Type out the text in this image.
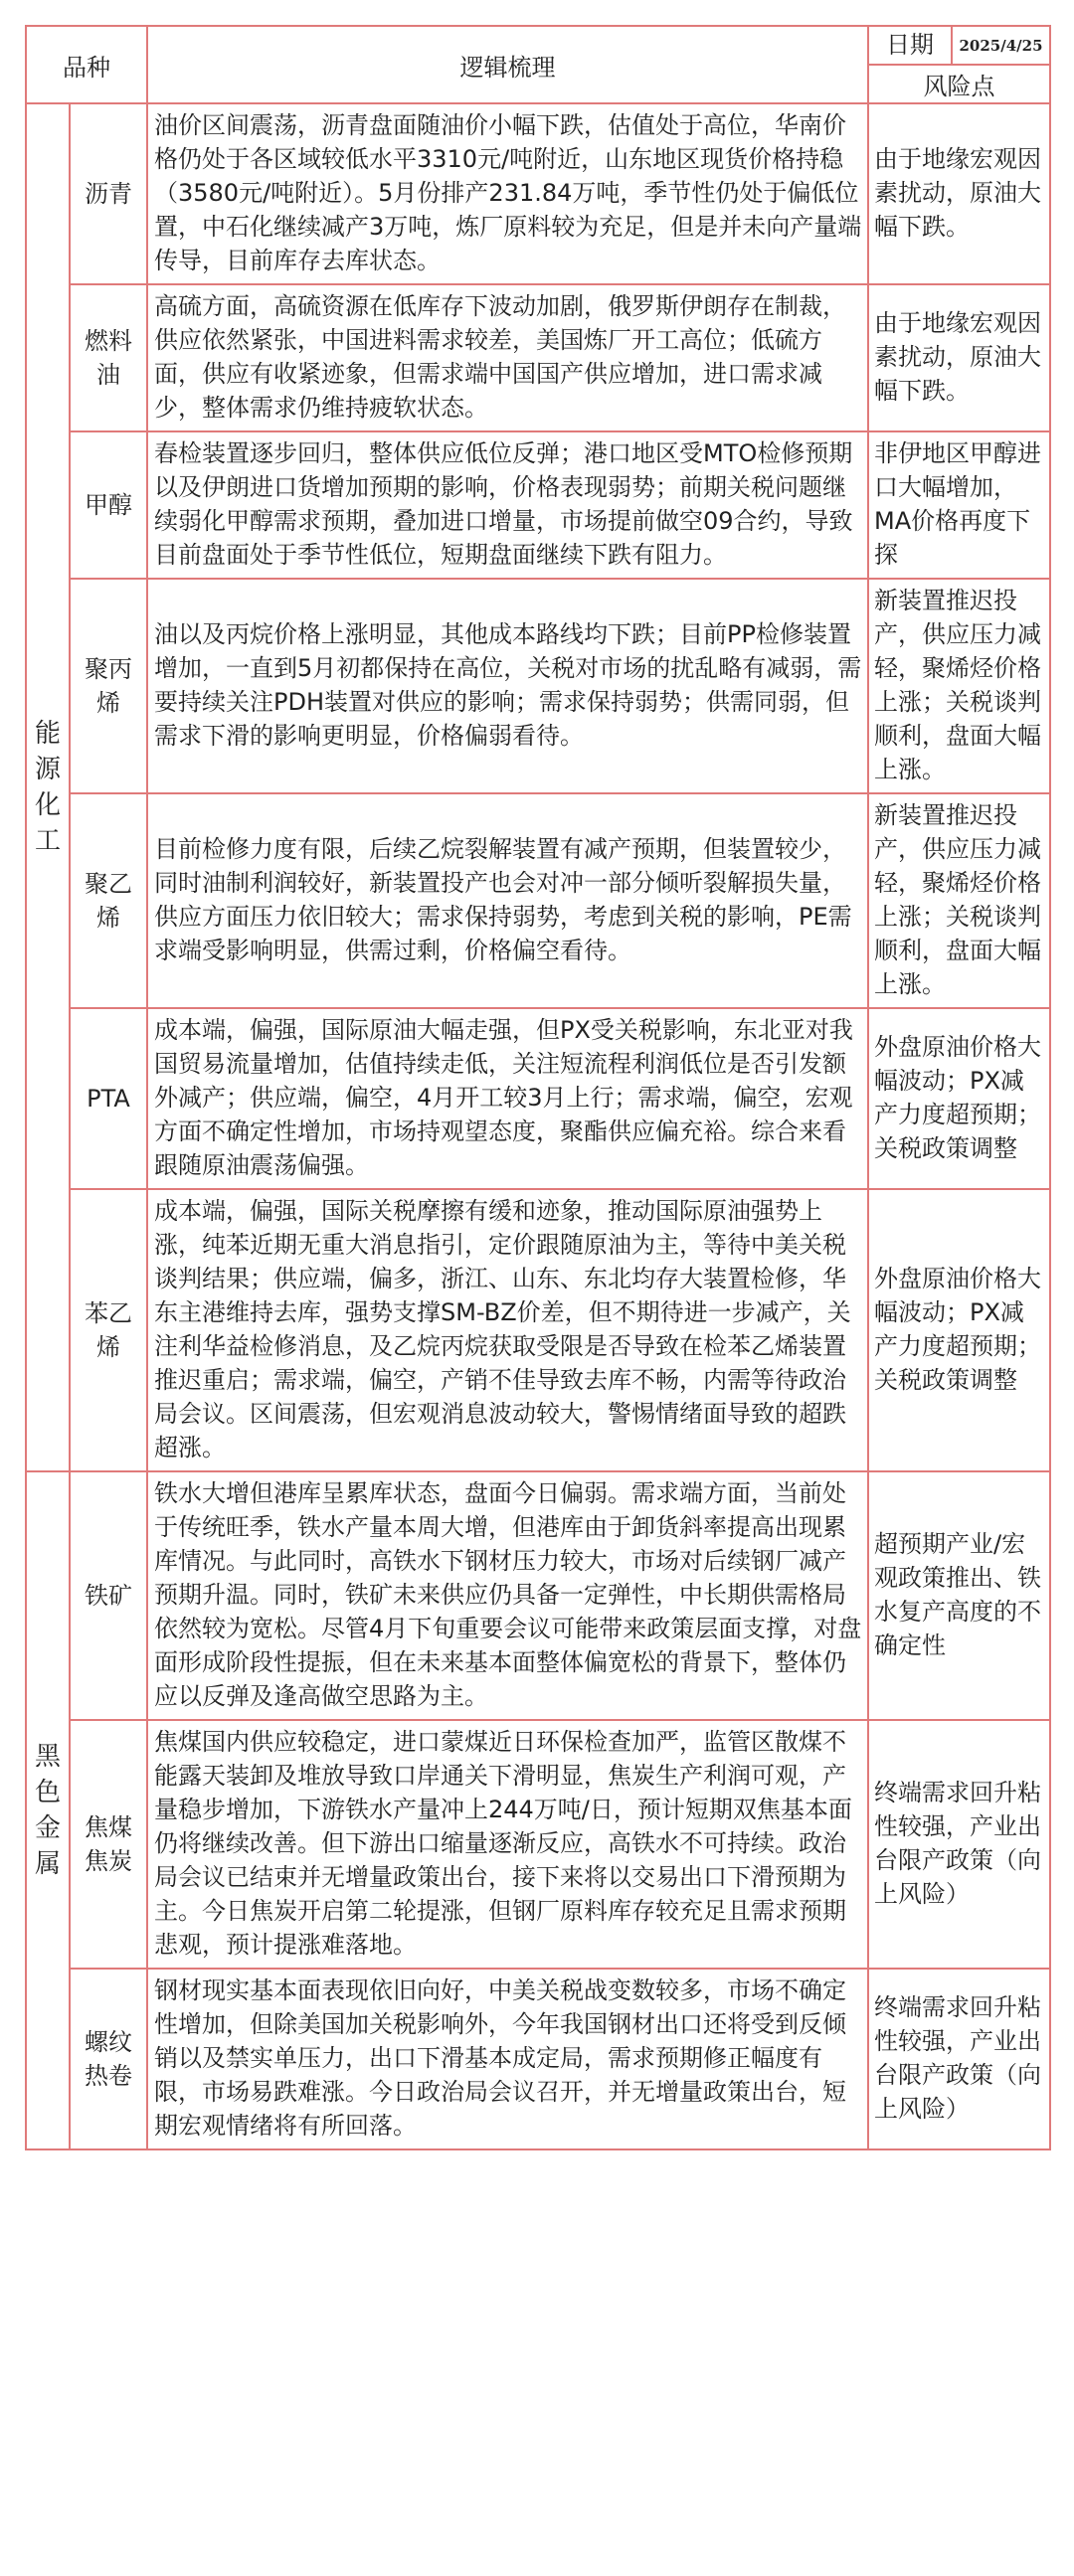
品种		逻辑梳理	日期 2025/4/25

			风险点
能源化工	沥青	油价区间震荡，沥青盘面随油价小幅下跌，估值处于高位，华南价格仍处于各区域较低水平3310元/吨附近，山东地区现货价格持稳（3580元/吨附近）。5月份排产231.84万吨，季节性仍处于偏低位置，中石化继续减产3万吨，炼厂原料较为充足，但是并未向产量端传导，目前库存去库状态。	由于地缘宏观因素扰动，原油大幅下跌。
	燃料油	高硫方面，高硫资源在低库存下波动加剧，俄罗斯伊朗存在制裁，供应依然紧张，中国进料需求较差，美国炼厂开工高位；低硫方面，供应有收紧迹象，但需求端中国国产供应增加，进口需求减少，整体需求仍维持疲软状态。	由于地缘宏观因素扰动，原油大幅下跌。
	甲醇	春检装置逐步回归，整体供应低位反弹；港口地区受MTO检修预期以及伊朗进口货增加预期的影响，价格表现弱势；前期关税问题继续弱化甲醇需求预期，叠加进口增量，市场提前做空09合约，导致目前盘面处于季节性低位，短期盘面继续下跌有阻力。	非伊地区甲醇进口大幅增加，MA价格再度下探
	聚丙烯	油以及丙烷价格上涨明显，其他成本路线均下跌；目前PP检修装置增加，一直到5月初都保持在高位，关税对市场的扰乱略有减弱，需要持续关注PDH装置对供应的影响；需求保持弱势；供需同弱，但需求下滑的影响更明显，价格偏弱看待。	新装置推迟投产，供应压力减轻，聚烯烃价格上涨；关税谈判顺利，盘面大幅上涨。
	聚乙烯	目前检修力度有限，后续乙烷裂解装置有减产预期，但装置较少，同时油制利润较好，新装置投产也会对冲一部分倾听裂解损失量，供应方面压力依旧较大；需求保持弱势，考虑到关税的影响，PE需求端受影响明显，供需过剩，价格偏空看待。	新装置推迟投产，供应压力减轻，聚烯烃价格上涨；关税谈判顺利，盘面大幅上涨。
	PTA	成本端，偏强，国际原油大幅走强，但PX受关税影响，东北亚对我国贸易流量增加，估值持续走低，关注短流程利润低位是否引发额外减产；供应端，偏空，4月开工较3月上行；需求端，偏空，宏观方面不确定性增加，市场持观望态度，聚酯供应偏充裕。综合来看跟随原油震荡偏强。	外盘原油价格大幅波动；PX减产力度超预期；关税政策调整
	苯乙烯	成本端，偏强，国际关税摩擦有缓和迹象，推动国际原油强势上涨，纯苯近期无重大消息指引，定价跟随原油为主，等待中美关税谈判结果；供应端，偏多，浙江、山东、东北均存大装置检修，华东主港维持去库，强势支撑SM-BZ价差，但不期待进一步减产，关注利华益检修消息，及乙烷丙烷获取受限是否导致在检苯乙烯装置推迟重启；需求端，偏空，产销不佳导致去库不畅，内需等待政治局会议。区间震荡，但宏观消息波动较大，警惕情绪面导致的超跌超涨。	外盘原油价格大幅波动；PX减产力度超预期；关税政策调整
黑色金属	铁矿	铁水大增但港库呈累库状态，盘面今日偏弱。需求端方面，当前处于传统旺季，铁水产量本周大增，但港库由于卸货斜率提高出现累库情况。与此同时，高铁水下钢材压力较大，市场对后续钢厂减产预期升温。同时，铁矿未来供应仍具备一定弹性，中长期供需格局依然较为宽松。尽管4月下旬重要会议可能带来政策层面支撑，对盘面形成阶段性提振，但在未来基本面整体偏宽松的背景下，整体仍应以反弹及逢高做空思路为主。	超预期产业/宏观政策推出、铁水复产高度的不确定性
	焦煤焦炭	焦煤国内供应较稳定，进口蒙煤近日环保检查加严，监管区散煤不能露天装卸及堆放导致口岸通关下滑明显，焦炭生产利润可观，产量稳步增加，下游铁水产量冲上244万吨/日，预计短期双焦基本面仍将继续改善。但下游出口缩量逐渐反应，高铁水不可持续。政治局会议已结束并无增量政策出台，接下来将以交易出口下滑预期为主。今日焦炭开启第二轮提涨，但钢厂原料库存较充足且需求预期悲观，预计提涨难落地。	终端需求回升粘性较强，产业出台限产政策（向上风险）
	螺纹热卷	钢材现实基本面表现依旧向好，中美关税战变数较多，市场不确定性增加，但除美国加关税影响外，今年我国钢材出口还将受到反倾销以及禁实单压力，出口下滑基本成定局，需求预期修正幅度有限，市场易跌难涨。今日政治局会议召开，并无增量政策出台，短期宏观情绪将有所回落。	终端需求回升粘性较强，产业出台限产政策（向上风险）
